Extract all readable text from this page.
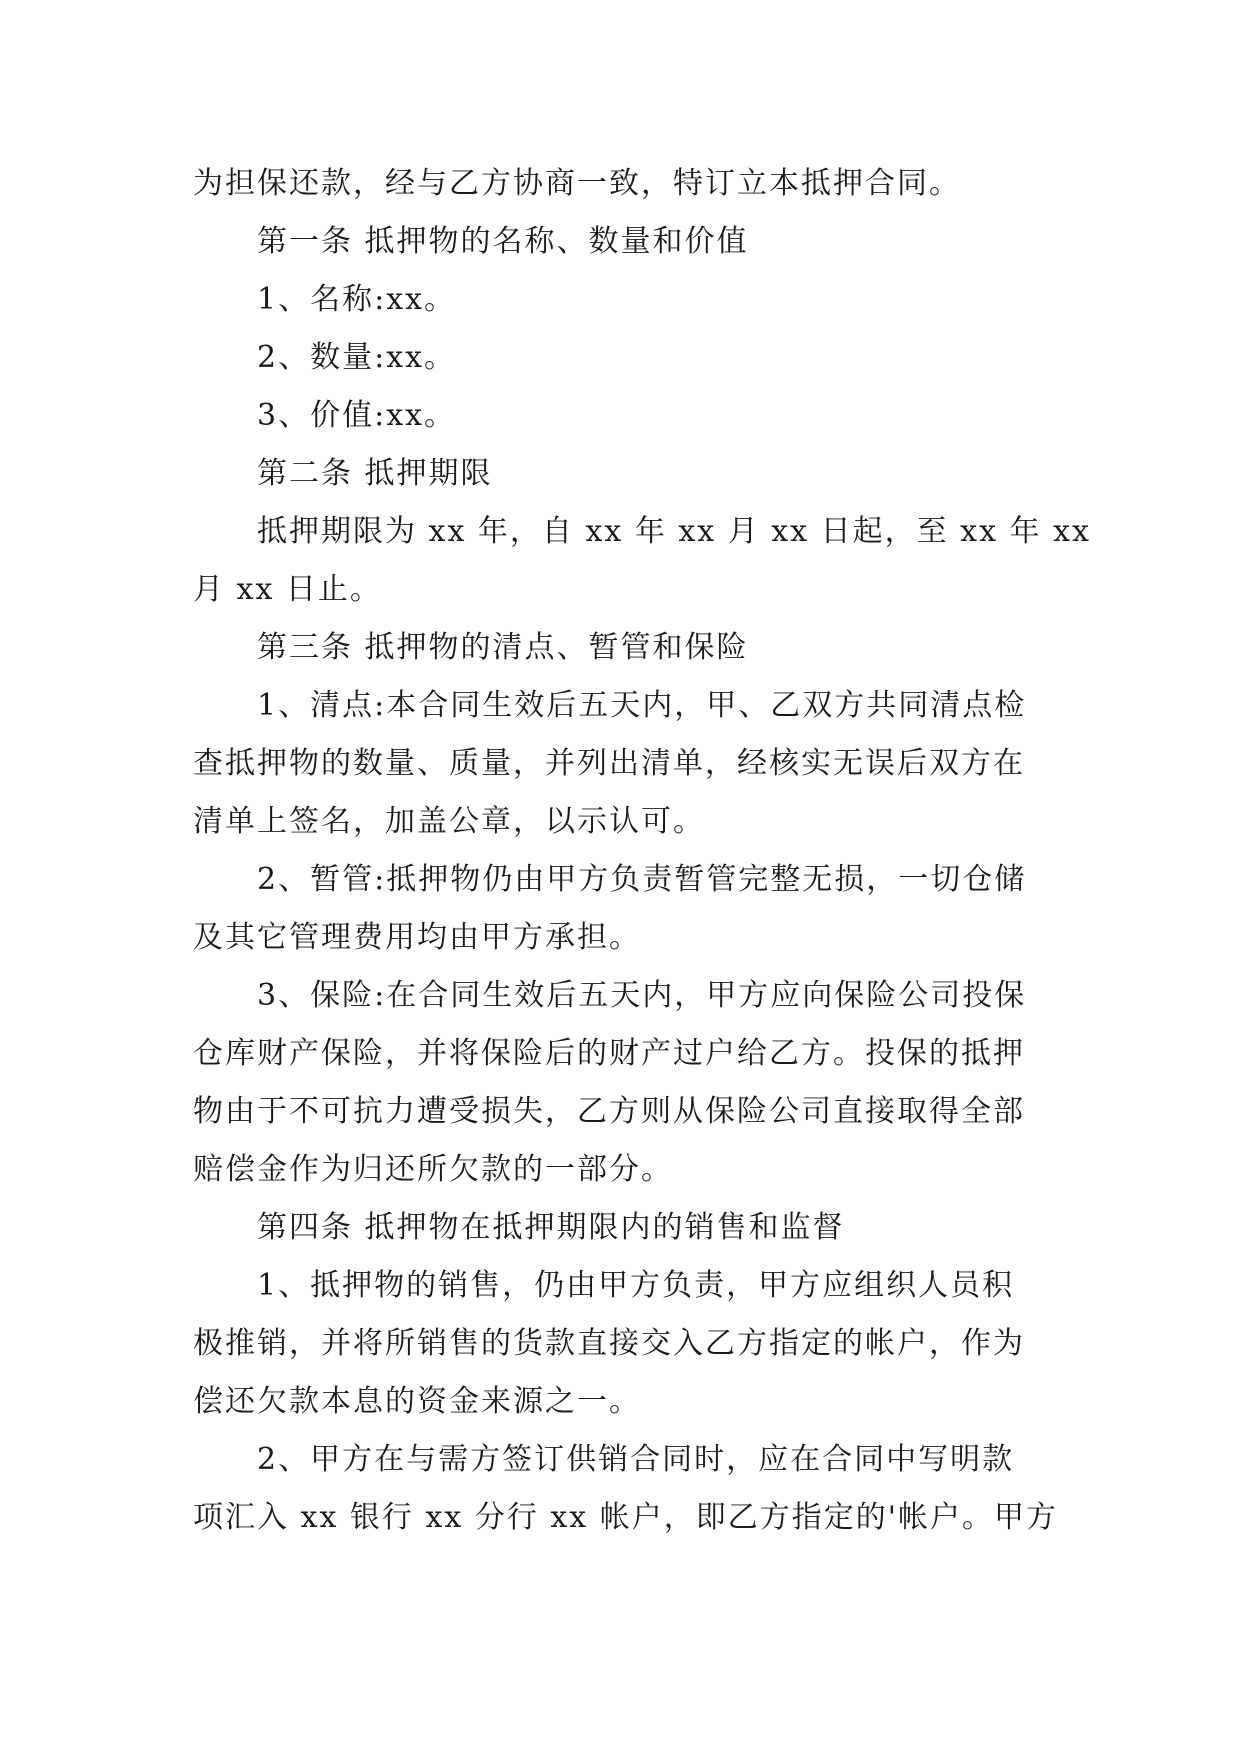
为担保还款，经与乙方协商一致，特订立本抵押合同。
第一条 抵押物的名称、数量和价值
1、名称:xx。
2、数量:xx。
3、价值:xx。
第二条 抵押期限
抵押期限为 xx 年，自 xx 年 xx 月 xx 日起，至 xx 年 xx
月 xx 日止。
第三条 抵押物的清点、暂管和保险
1、清点:本合同生效后五天内，甲、乙双方共同清点检
查抵押物的数量、质量，并列出清单，经核实无误后双方在
清单上签名，加盖公章，以示认可。
2、暂管:抵押物仍由甲方负责暂管完整无损，一切仓储
及其它管理费用均由甲方承担。
3、保险:在合同生效后五天内，甲方应向保险公司投保
仓库财产保险，并将保险后的财产过户给乙方。投保的抵押
物由于不可抗力遭受损失，乙方则从保险公司直接取得全部
赔偿金作为归还所欠款的一部分。
第四条 抵押物在抵押期限内的销售和监督
1、抵押物的销售，仍由甲方负责，甲方应组织人员积
极推销，并将所销售的货款直接交入乙方指定的帐户，作为
偿还欠款本息的资金来源之一。
2、甲方在与需方签订供销合同时，应在合同中写明款
项汇入 xx 银行 xx 分行 xx 帐户，即乙方指定的'帐户。甲方
